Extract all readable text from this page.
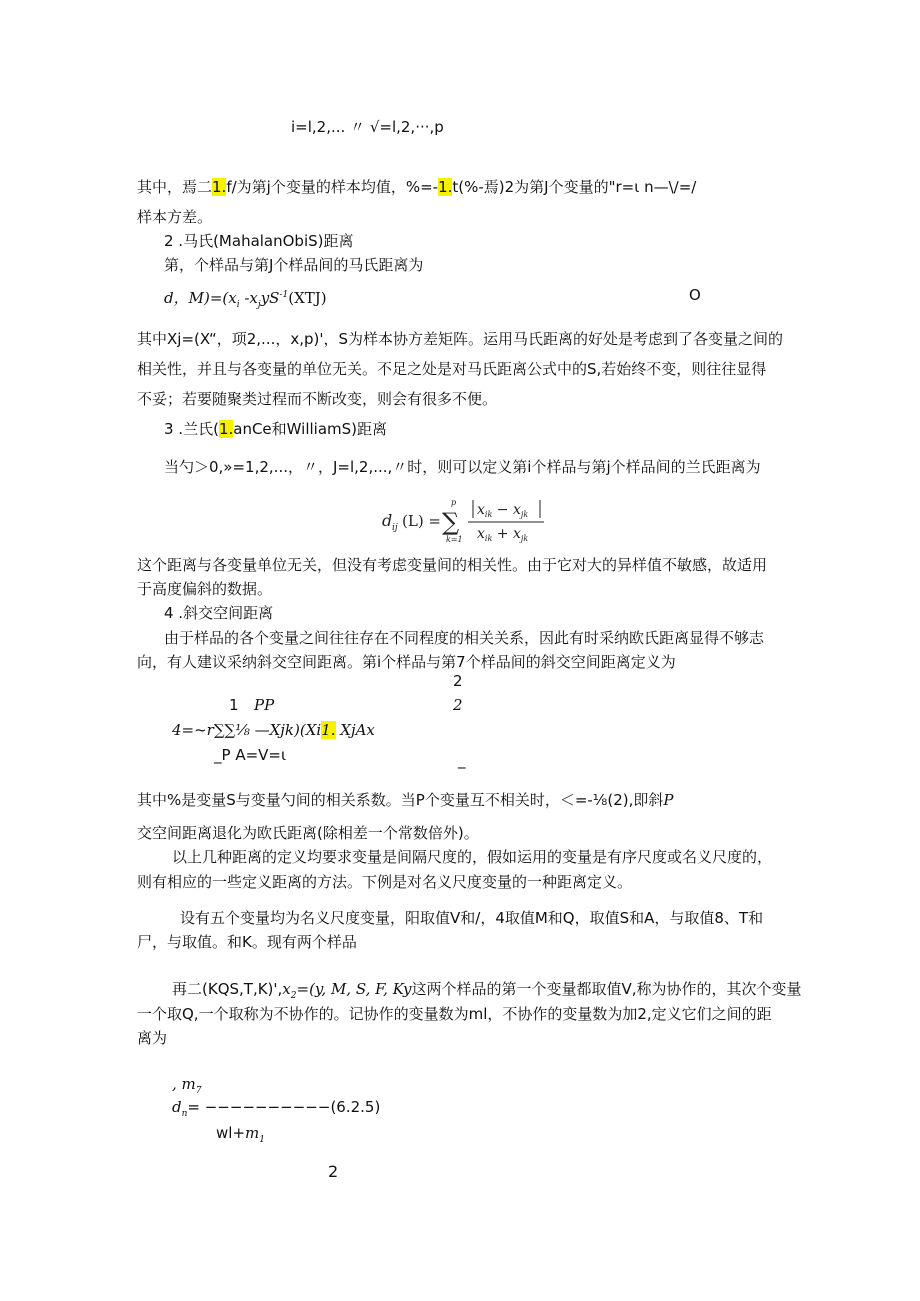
i=l,2,... 〃 √=l,2,···,p
其中，焉二1.f/为第j个变量的样本均值，%=-1.t(%-焉)2为第J个变量的"r=ι n—\∕=/
样本方差。
2 .马氏(MahalanObiS)距离
第，个样品与第J个样品间的马氏距离为
d，$M)=(x_i$ $-x_jyS^{-1}(XTJ)$	O
其中Xj=(X“，项2,...，x,p)'，S为样本协方差矩阵。运用马氏距离的好处是考虑到了各变量之间的
相关性，并且与各变量的单位无关。不足之处是对马氏距离公式中的S,若始终不变，则往往显得
不妥；若要随聚类过程而不断改变，则会有很多不便。
3 .兰氏(1.anCe和WilliamS)距离
当勺＞0,»=1,2,...，〃，J=l,2,...,〃时，则可以定义第i个样品与第j个样品间的兰氏距离为
d ij (L) =
p
∑
k=1
$x_{ik} - x_{jk}$
$x_{ik} + x_{jk}$
这个距离与各变量单位无关，但没有考虑变量间的相关性。由于它对大的异样值不敏感，故适用
于高度偏斜的数据。
4 .斜交空间距离
由于样品的各个变量之间往往存在不同程度的相关关系，因此有时采纳欧氏距离显得不够志
向，有人建议采纳斜交空间距离。第i个样品与第7个样品间的斜交空间距离定义为
2
1 PP	2
4=~r∑∑⅛ —Xjk)(Xi1. XjAx
_P A=V=ι	_
其中%是变量S与变量勺间的相关系数。当P个变量互不相关时，＜=-⅛(2),即斜P
交空间距离退化为欧氏距离(除相差一个常数倍外)。
以上几种距离的定义均要求变量是间隔尺度的，假如运用的变量是有序尺度或名义尺度的，
则有相应的一些定义距离的方法。下例是对名义尺度变量的一种距离定义。
设有五个变量均为名义尺度变量，阳取值V和/，4取值M和Q，取值S和A，与取值8、T和
尸，与取值。和K。现有两个样品
再二$(KQS,T,K)',x_2=(y$, M, S, F, Ky这两个样品的第一个变量都取值V,称为协作的，其次个变量
一个取Q,一个取称为不协作的。记协作的变量数为ml，不协作的变量数为加2,定义它们之间的距
离为
, $m_7$
$d_n= ----------(6.2.5)$
$wl+m_1$
2
